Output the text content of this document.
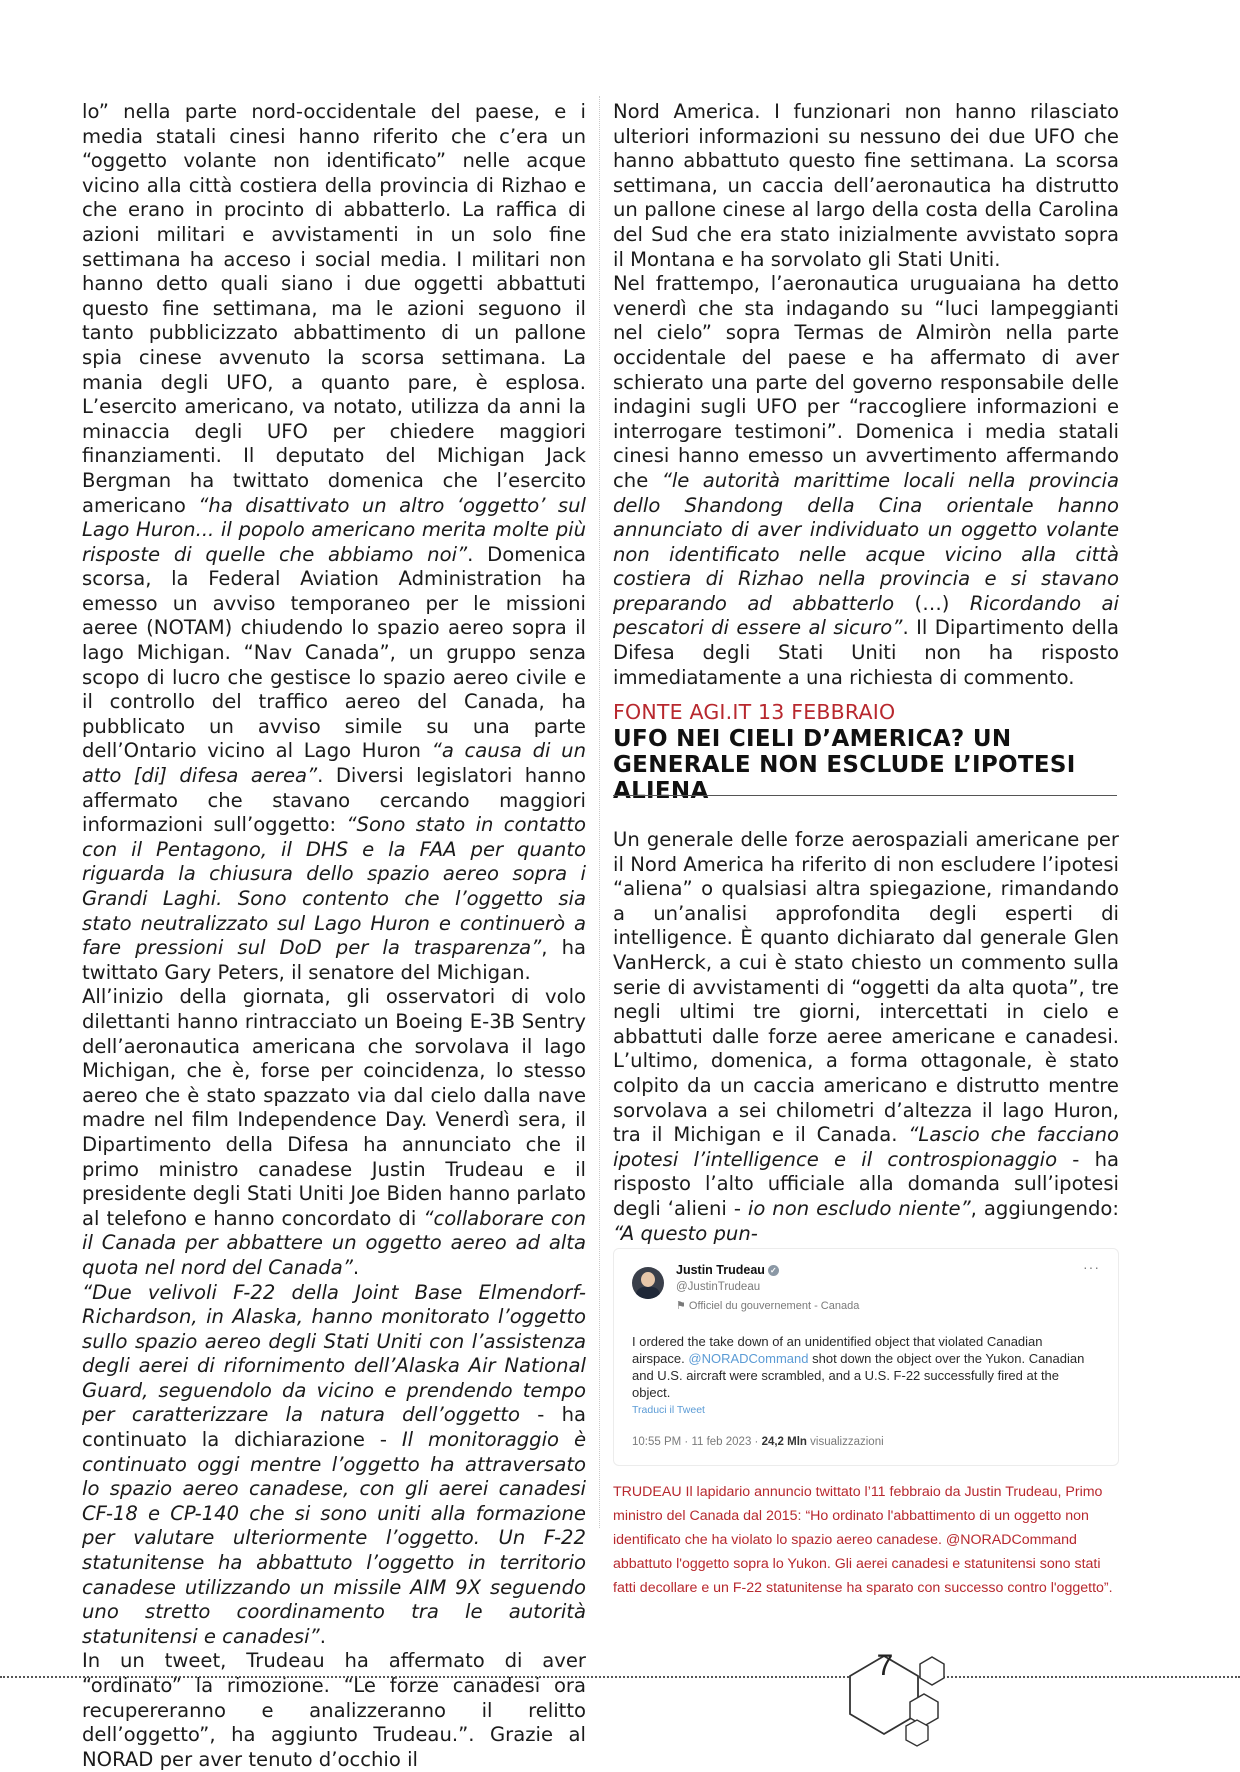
lo” nella parte nord-occidentale del paese, e i media statali cinesi hanno riferito che c’era un “oggetto volante non identificato” nelle acque vicino alla città costiera della provincia di Rizhao e che erano in procinto di abbatterlo. La raffica di azioni militari e avvistamenti in un solo fine settimana ha acceso i social media. I militari non hanno detto quali siano i due oggetti abbattuti questo fine settimana, ma le azioni seguono il tanto pubblicizzato abbattimento di un pallone spia cinese avvenuto la scorsa settimana. La mania degli UFO, a quanto pare, è esplosa. L’esercito americano, va notato, utilizza da anni la minaccia degli UFO per chiedere maggiori finanziamenti. Il deputato del Michigan Jack Bergman ha twittato domenica che l’esercito americano “ha disattivato un altro ‘oggetto’ sul Lago Huron... il popolo americano merita molte più risposte di quelle che abbiamo noi”. Domenica scorsa, la Federal Aviation Administration ha emesso un avviso temporaneo per le missioni aeree (NOTAM) chiudendo lo spazio aereo sopra il lago Michigan. “Nav Canada”, un gruppo senza scopo di lucro che gestisce lo spazio aereo civile e il controllo del traffico aereo del Canada, ha pubblicato un avviso simile su una parte dell’Ontario vicino al Lago Huron “a causa di un atto [di] difesa aerea”. Diversi legislatori hanno affermato che stavano cercando maggiori informazioni sull’oggetto: “Sono stato in contatto con il Pentagono, il DHS e la FAA per quanto riguarda la chiusura dello spazio aereo sopra i Grandi Laghi. Sono contento che l’oggetto sia stato neutralizzato sul Lago Huron e continuerò a fare pressioni sul DoD per la trasparenza”, ha twittato Gary Peters, il senatore del Michigan.

All’inizio della giornata, gli osservatori di volo dilettanti hanno rintracciato un Boeing E-3B Sentry dell’aeronautica americana che sorvolava il lago Michigan, che è, forse per coincidenza, lo stesso aereo che è stato spazzato via dal cielo dalla nave madre nel film Independence Day. Venerdì sera, il Dipartimento della Difesa ha annunciato che il primo ministro canadese Justin Trudeau e il presidente degli Stati Uniti Joe Biden hanno parlato al telefono e hanno concordato di “collaborare con il Canada per abbattere un oggetto aereo ad alta quota nel nord del Canada”.

“Due velivoli F-22 della Joint Base Elmendorf-Richardson, in Alaska, hanno monitorato l’oggetto sullo spazio aereo degli Stati Uniti con l’assistenza degli aerei di rifornimento dell’Alaska Air National Guard, seguendolo da vicino e prendendo tempo per caratterizzare la natura dell’oggetto - ha continuato la dichiarazione - Il monitoraggio è continuato oggi mentre l’oggetto ha attraversato lo spazio aereo canadese, con gli aerei canadesi CF-18 e CP-140 che si sono uniti alla formazione per valutare ulteriormente l’oggetto. Un F-22 statunitense ha abbattuto l’oggetto in territorio canadese utilizzando un missile AIM 9X seguendo uno stretto coordinamento tra le autorità statunitensi e canadesi”.

In un tweet, Trudeau ha affermato di aver “ordinato” la rimozione. “Le forze canadesi ora recupereranno e analizzeranno il relitto dell’oggetto”, ha aggiunto Trudeau.”. Grazie al NORAD per aver tenuto d’occhio il

Nord America. I funzionari non hanno rilasciato ulteriori informazioni su nessuno dei due UFO che hanno abbattuto questo fine settimana. La scorsa settimana, un caccia dell’aeronautica ha distrutto un pallone cinese al largo della costa della Carolina del Sud che era stato inizialmente avvistato sopra il Montana e ha sorvolato gli Stati Uniti.

Nel frattempo, l’aeronautica uruguaiana ha detto venerdì che sta indagando su “luci lampeggianti nel cielo” sopra Termas de Almiròn nella parte occidentale del paese e ha affermato di aver schierato una parte del governo responsabile delle indagini sugli UFO per “raccogliere informazioni e interrogare testimoni”. Domenica i media statali cinesi hanno emesso un avvertimento affermando che “le autorità marittime locali nella provincia dello Shandong della Cina orientale hanno annunciato di aver individuato un oggetto volante non identificato nelle acque vicino alla città costiera di Rizhao nella provincia e si stavano preparando ad abbatterlo (…) Ricordando ai pescatori di essere al sicuro”. Il Dipartimento della Difesa degli Stati Uniti non ha risposto immediatamente a una richiesta di commento.

FONTE AGI.IT 13 FEBBRAIO
UFO NEI CIELI D’AMERICA? UN GENERALE NON ESCLUDE L’IPOTESI ALIENA

Un generale delle forze aerospaziali americane per il Nord America ha riferito di non escludere l’ipotesi “aliena” o qualsiasi altra spiegazione, rimandando a un’analisi approfondita degli esperti di intelligence. È quanto dichiarato dal generale Glen VanHerck, a cui è stato chiesto un commento sulla serie di avvistamenti di “oggetti da alta quota”, tre negli ultimi tre giorni, intercettati in cielo e abbattuti dalle forze aeree americane e canadesi. L’ultimo, domenica, a forma ottagonale, è stato colpito da un caccia americano e distrutto mentre sorvolava a sei chilometri d’altezza il lago Huron, tra il Michigan e il Canada. “Lascio che facciano ipotesi l’intelligence e il controspionaggio - ha risposto l’alto ufficiale alla domanda sull’ipotesi degli ‘alieni - io non escludo niente”, aggiungendo: “A questo pun-

Justin Trudeau ✓
@JustinTrudeau
⚑ Officiel du gouvernement - Canada
···
I ordered the take down of an unidentified object that violated Canadian airspace. @NORADCommand shot down the object over the Yukon. Canadian and U.S. aircraft were scrambled, and a U.S. F-22 successfully fired at the object.
Traduci il Tweet
10:55 PM · 11 feb 2023 · 24,2 Mln visualizzazioni
TRUDEAU Il lapidario annuncio twittato l’11 febbraio da Justin Trudeau, Primo ministro del Canada dal 2015: “Ho ordinato l'abbattimento di un oggetto non identificato che ha violato lo spazio aereo canadese. @NORADCommand abbattuto l'oggetto sopra lo Yukon. Gli aerei canadesi e statunitensi sono stati fatti decollare e un F-22 statunitense ha sparato con successo contro l'oggetto”.
7
